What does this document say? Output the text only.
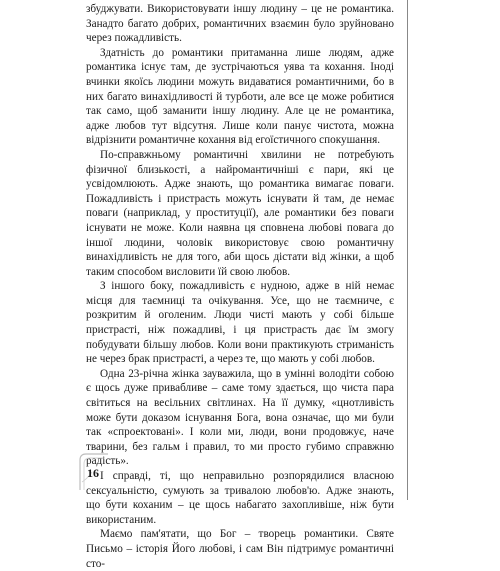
збуджувати. Використовувати іншу людину – це не романтика. Занадто багато добрих, романтичних взаємин було зруйновано через пожадливість.

Здатність до романтики притаманна лише людям, адже романтика існує там, де зустрічаються уява та кохання. Іноді вчинки якоїсь людини можуть видаватися романтичними, бо в них багато винахідливості й турботи, але все це може робитися так само, щоб заманити іншу людину. Але це не романтика, адже любов тут відсутня. Лише коли панує чистота, можна відрізнити романтичне кохання від егоїстичного спокушання.

По-справжньому романтичні хвилини не потребують фізичної близькості, а найромантичніші є пари, які це усвідомлюють. Адже знають, що романтика вимагає поваги. Пожадливість і пристрасть можуть існувати й там, де немає поваги (наприклад, у проституції), але романтики без поваги існувати не може. Коли наявна ця сповнена любові повага до іншої людини, чоловік використовує свою романтичну винахідливість не для того, аби щось дістати від жінки, а щоб таким способом висловити їй свою любов.

З іншого боку, пожадливість є нудною, адже в ній немає місця для таємниці та очікування. Усе, що не таємниче, є розкритим й оголеним. Люди чисті мають у собі більше пристрасті, ніж пожадливі, і ця пристрасть дає їм змогу побудувати більшу любов. Коли вони практикують стриманість не через брак пристрасті, а через те, що мають у собі любов.

Одна 23-річна жінка зауважила, що в умінні володіти собою є щось дуже привабливе – саме тому здається, що чиста пара світиться на весільних світлинах. На її думку, «цнотливість може бути доказом існування Бога, вона означає, що ми були так «спроектовані». І коли ми, люди, вони продовжує, наче тварини, без гальм і правил, то ми просто губимо справжню радість».

І справді, ті, що неправильно розпорядилися власною сексуальністю, сумують за тривалою любов'ю. Адже знають, що бути коханим – це щось набагато захопливіше, ніж бути використаним.

Маємо пам'ятати, що Бог – творець романтики. Святе Письмо – історія Його любові, і сам Він підтримує романтичні сто-

16
